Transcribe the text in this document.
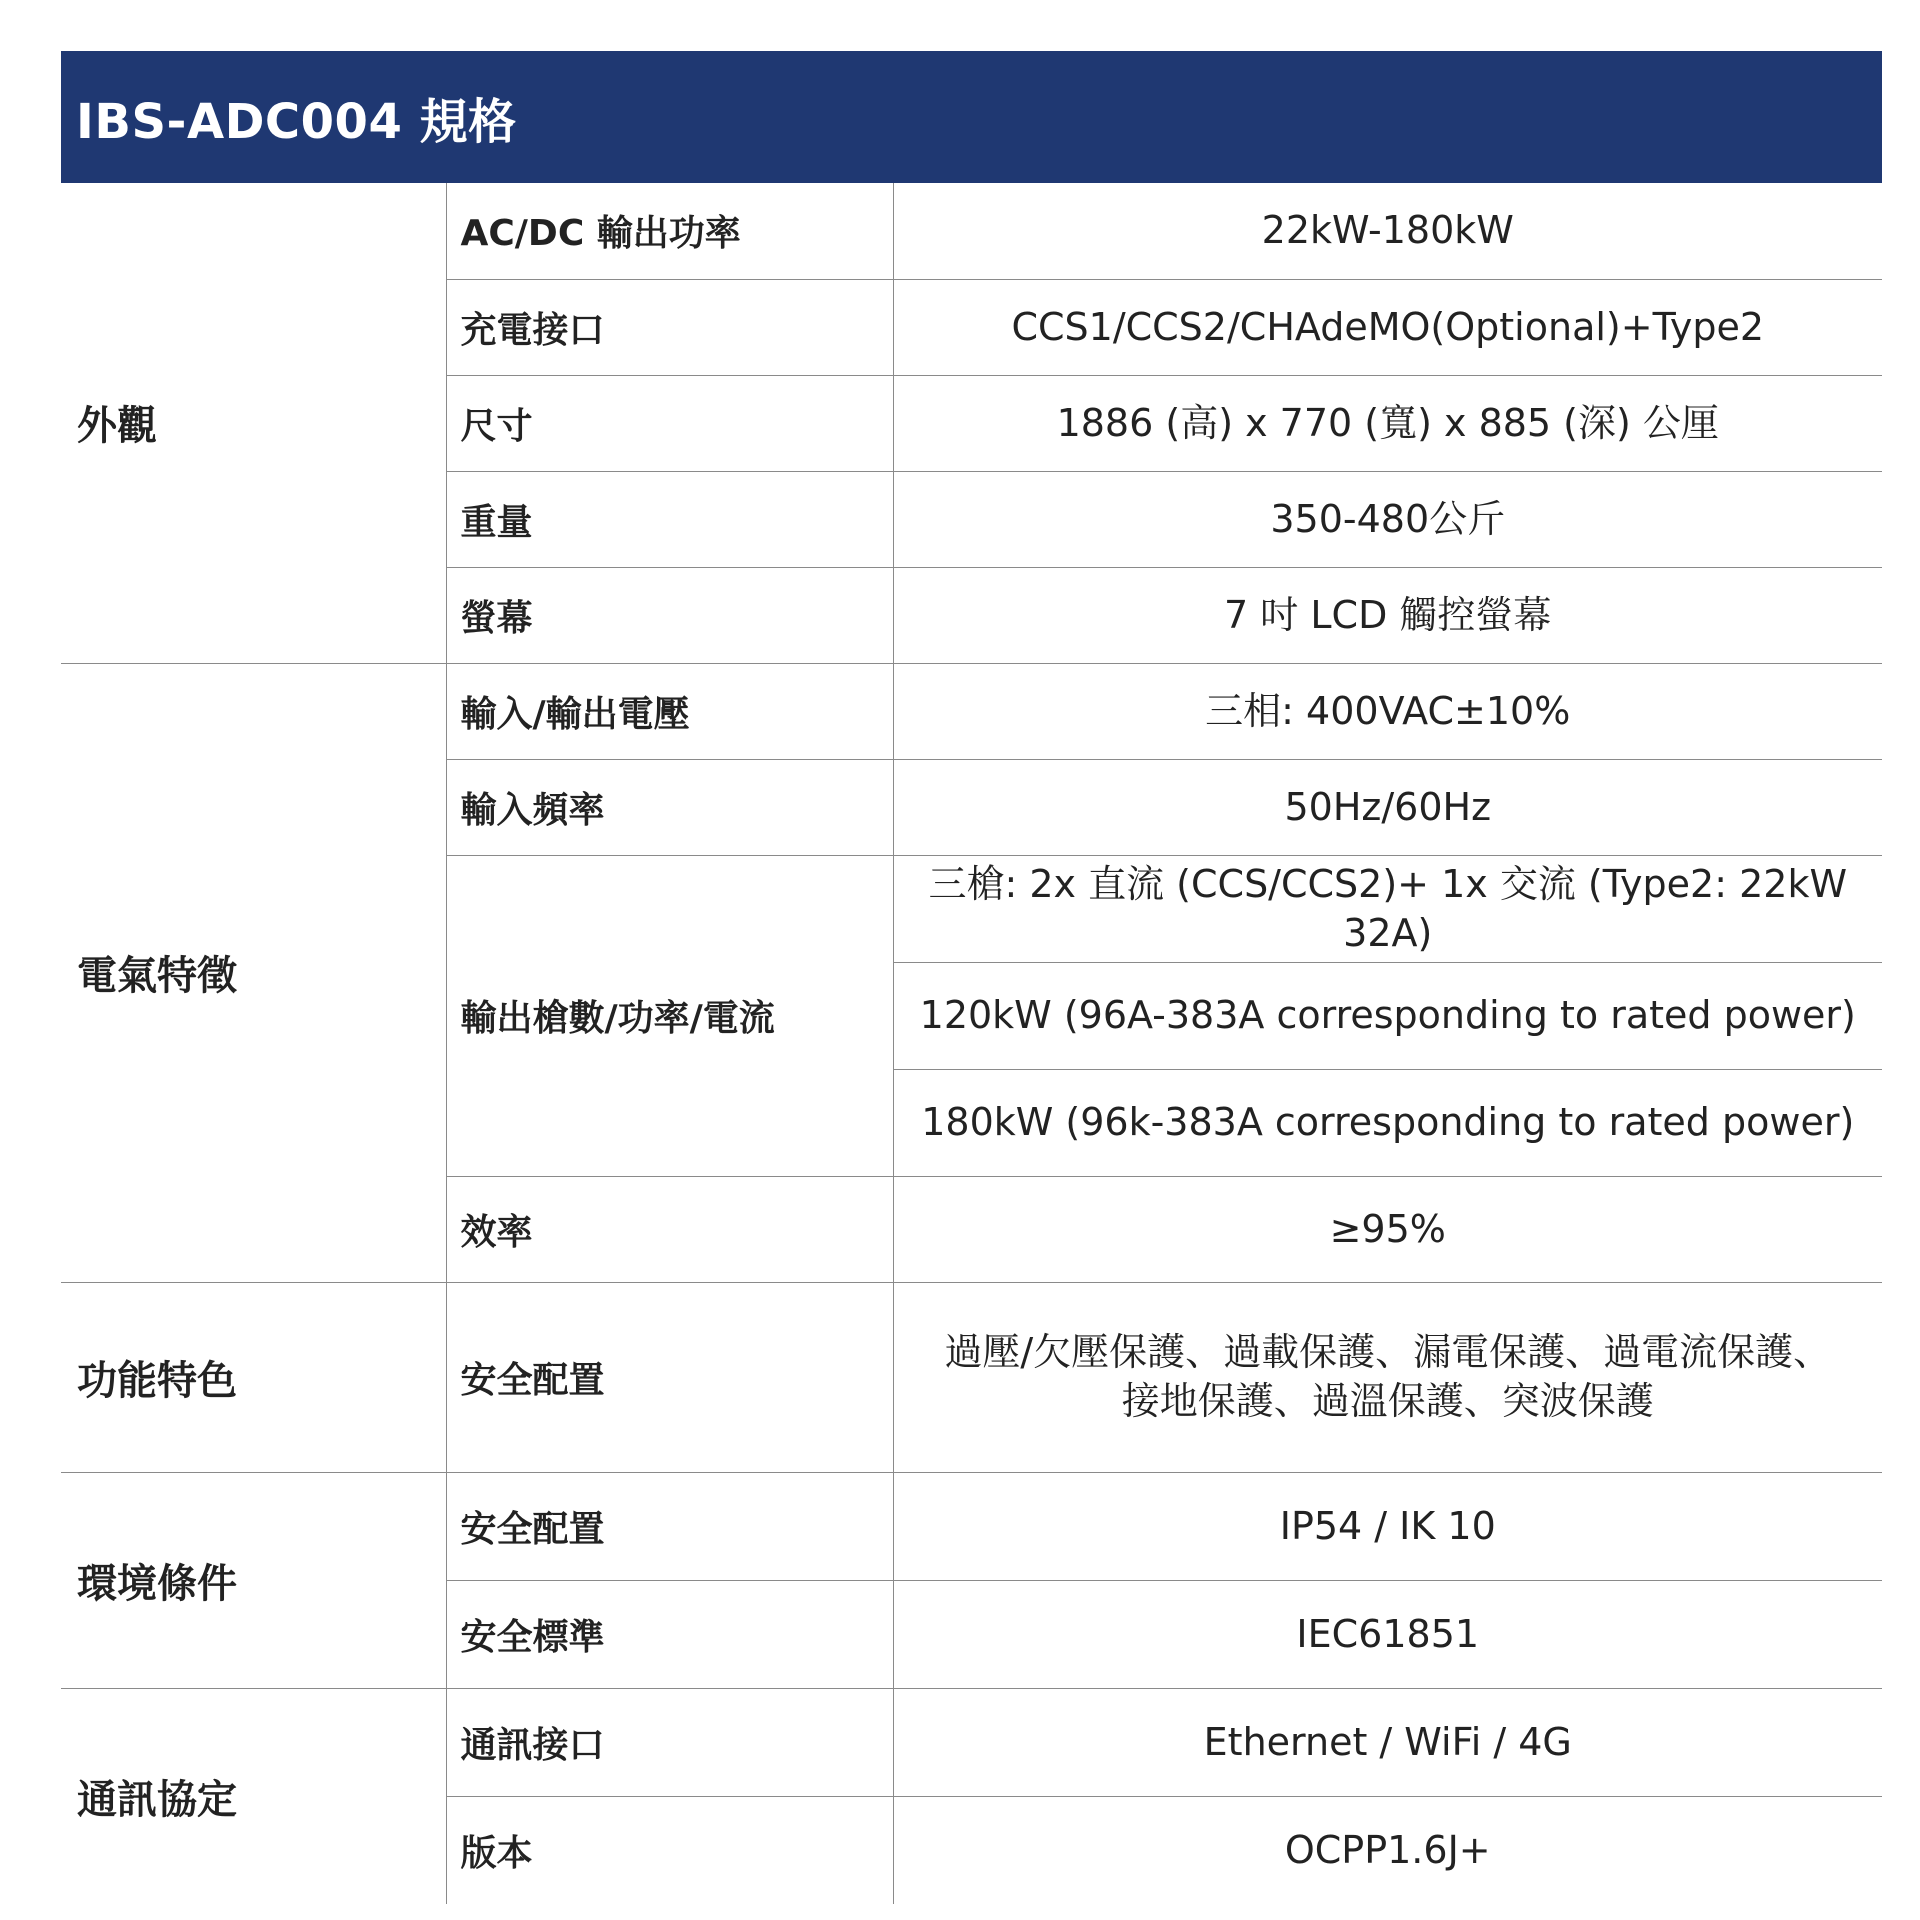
IBS-ADC004 規格
外觀	AC/DC 輸出功率	22kW-180kW
	充電接口	CCS1/CCS2/CHAdeMO(Optional)+Type2
	尺寸	1886 (高) x 770 (寬) x 885 (深) 公厘
	重量	350-480公斤
	螢幕	7 吋 LCD 觸控螢幕
電氣特徵	輸入/輸出電壓	三相: 400VAC±10%
	輸入頻率	50Hz/60Hz
	輸出槍數/功率/電流	三槍: 2x 直流 (CCS/CCS2)+ 1x 交流 (Type2: 22kW 32A)
		120kW (96A-383A corresponding to rated power)
		180kW (96k-383A corresponding to rated power)
	效率	≥95%
功能特色	安全配置	過壓/欠壓保護、過載保護、漏電保護、過電流保護、
接地保護、過溫保護、突波保護

環境條件	安全配置	IP54 / IK 10
	安全標準	IEC61851
通訊協定	通訊接口	Ethernet / WiFi / 4G
	版本	OCPP1.6J+
